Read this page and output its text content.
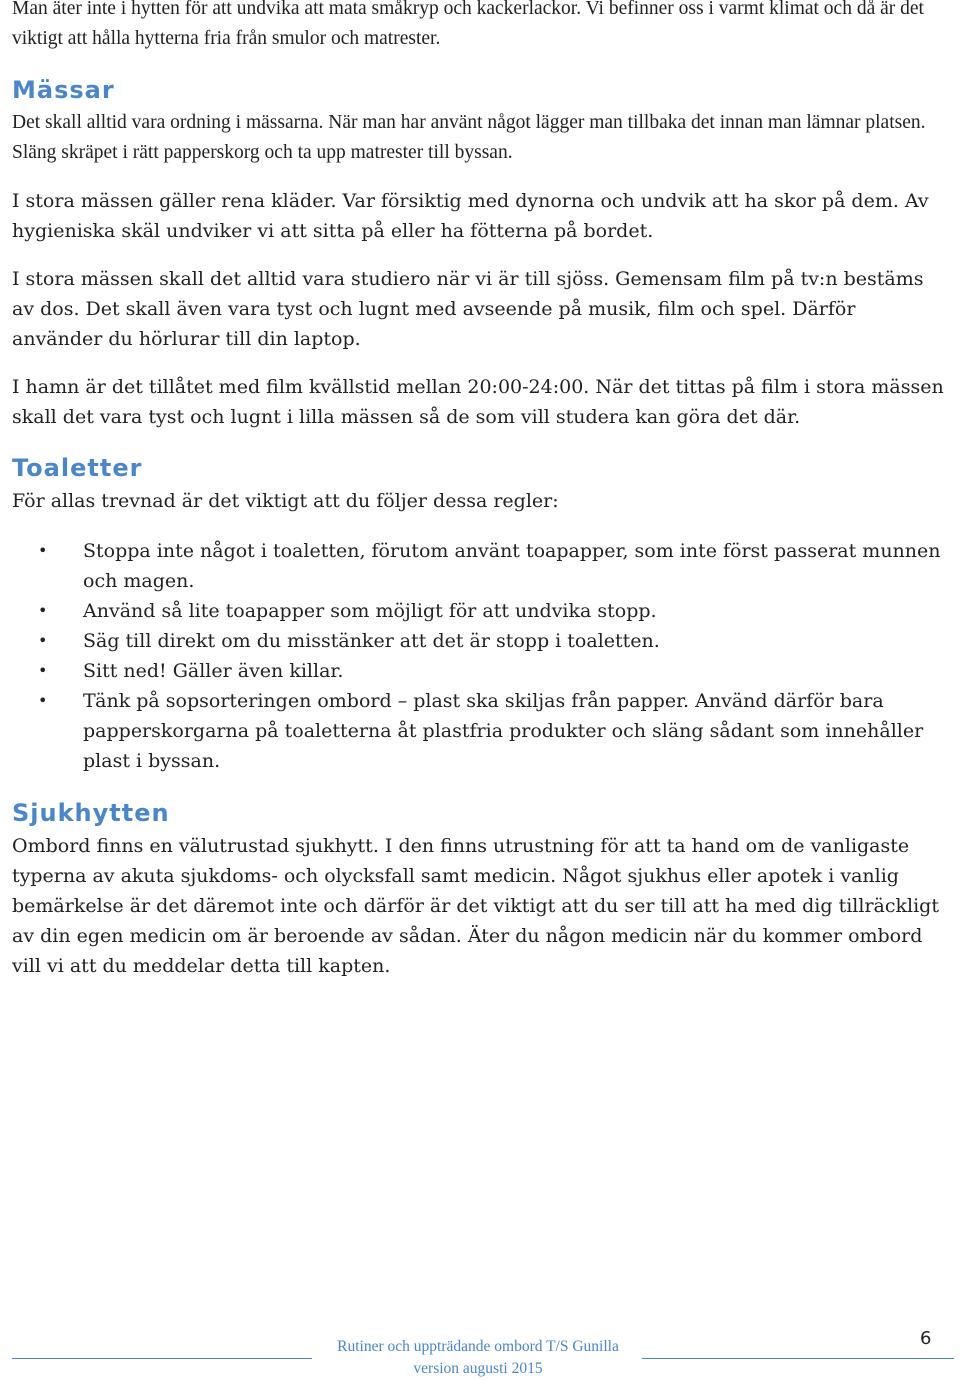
Man äter inte i hytten för att undvika att mata småkryp och kackerlackor. Vi befinner oss i varmt klimat och då är det viktigt att hålla hytterna fria från smulor och matrester.

Mässar

Det skall alltid vara ordning i mässarna. När man har använt något lägger man tillbaka det innan man lämnar platsen. Släng skräpet i rätt papperskorg och ta upp matrester till byssan.

I stora mässen gäller rena kläder. Var försiktig med dynorna och undvik att ha skor på dem. Av hygieniska skäl undviker vi att sitta på eller ha fötterna på bordet.

I stora mässen skall det alltid vara studiero när vi är till sjöss. Gemensam film på tv:n bestäms av dos. Det skall även vara tyst och lugnt med avseende på musik, film och spel. Därför använder du hörlurar till din laptop.

I hamn är det tillåtet med film kvällstid mellan 20:00-24:00. När det tittas på film i stora mässen skall det vara tyst och lugnt i lilla mässen så de som vill studera kan göra det där.

Toaletter

För allas trevnad är det viktigt att du följer dessa regler:

• Stoppa inte något i toaletten, förutom använt toapapper, som inte först passerat munnen och magen.
• Använd så lite toapapper som möjligt för att undvika stopp.
• Säg till direkt om du misstänker att det är stopp i toaletten.
• Sitt ned! Gäller även killar.
• Tänk på sopsorteringen ombord – plast ska skiljas från papper. Använd därför bara papperskorgarna på toaletterna åt plastfria produkter och släng sådant som innehåller plast i byssan.
Sjukhytten

Ombord finns en välutrustad sjukhytt. I den finns utrustning för att ta hand om de vanligaste typerna av akuta sjukdoms- och olycksfall samt medicin. Något sjukhus eller apotek i vanlig bemärkelse är det däremot inte och därför är det viktigt att du ser till att ha med dig tillräckligt av din egen medicin om är beroende av sådan. Äter du någon medicin när du kommer ombord vill vi att du meddelar detta till kapten.

Rutiner och uppträdande ombord T/S Gunilla
version augusti 2015
6
